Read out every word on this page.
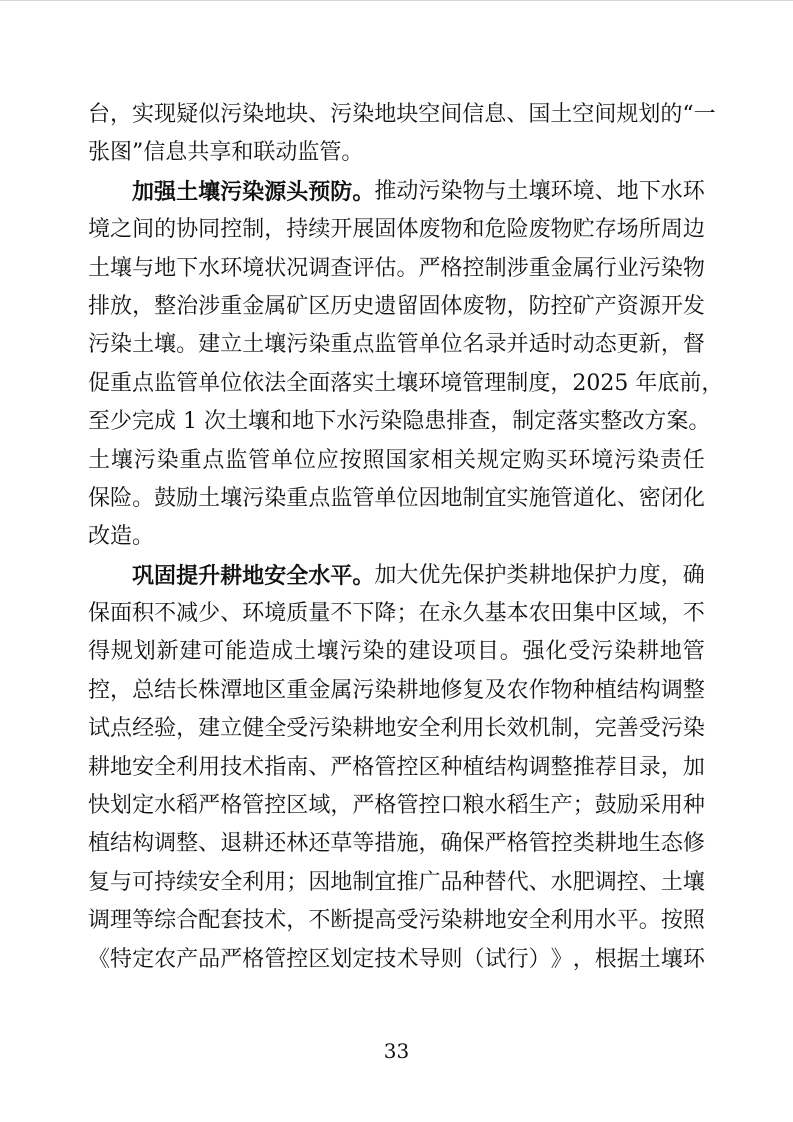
台 ， 实 现 疑 似 污 染 地 块 、 污 染 地 块 空 间 信 息 、 国 土 空 间 规 划 的 “ 一
张 图 ” 信 息 共 享 和 联 动 监 管 。
加 强 土 壤 污 染 源 头 预 防 。 推 动 污 染 物 与 土 壤 环 境 、 地 下 水 环
境 之 间 的 协 同 控 制 ， 持 续 开 展 固 体 废 物 和 危 险 废 物 贮 存 场 所 周 边
土 壤 与 地 下 水 环 境 状 况 调 查 评 估 。 严 格 控 制 涉 重 金 属 行 业 污 染 物
排 放 ， 整 治 涉 重 金 属 矿 区 历 史 遗 留 固 体 废 物 ， 防 控 矿 产 资 源 开 发
污 染 土 壤 。 建 立 土 壤 污 染 重 点 监 管 单 位 名 录 并 适 时 动 态 更 新 ， 督
促 重 点 监 管 单 位 依 法 全 面 落 实 土 壤 环 境 管 理 制 度 ， 2025 年 底 前 ，
至 少 完 成 1 次 土 壤 和 地 下 水 污 染 隐 患 排 查 ， 制 定 落 实 整 改 方 案 。
土 壤 污 染 重 点 监 管 单 位 应 按 照 国 家 相 关 规 定 购 买 环 境 污 染 责 任
保 险 。 鼓 励 土 壤 污 染 重 点 监 管 单 位 因 地 制 宜 实 施 管 道 化 、 密 闭 化
改 造 。
巩 固 提 升 耕 地 安 全 水 平 。 加 大 优 先 保 护 类 耕 地 保 护 力 度 ， 确
保 面 积 不 减 少 、 环 境 质 量 不 下 降 ； 在 永 久 基 本 农 田 集 中 区 域 ， 不
得 规 划 新 建 可 能 造 成 土 壤 污 染 的 建 设 项 目 。 强 化 受 污 染 耕 地 管
控 ， 总 结 长 株 潭 地 区 重 金 属 污 染 耕 地 修 复 及 农 作 物 种 植 结 构 调 整
试 点 经 验 ， 建 立 健 全 受 污 染 耕 地 安 全 利 用 长 效 机 制 ， 完 善 受 污 染
耕 地 安 全 利 用 技 术 指 南 、 严 格 管 控 区 种 植 结 构 调 整 推 荐 目 录 ， 加
快 划 定 水 稻 严 格 管 控 区 域 ， 严 格 管 控 口 粮 水 稻 生 产 ； 鼓 励 采 用 种
植 结 构 调 整 、 退 耕 还 林 还 草 等 措 施 ， 确 保 严 格 管 控 类 耕 地 生 态 修
复 与 可 持 续 安 全 利 用 ； 因 地 制 宜 推 广 品 种 替 代 、 水 肥 调 控 、 土 壤
调 理 等 综 合 配 套 技 术 ， 不 断 提 高 受 污 染 耕 地 安 全 利 用 水 平 。 按 照
《 特 定 农 产 品 严 格 管 控 区 划 定 技 术 导 则 （ 试 行 ） 》 ， 根 据 土 壤 环
33
